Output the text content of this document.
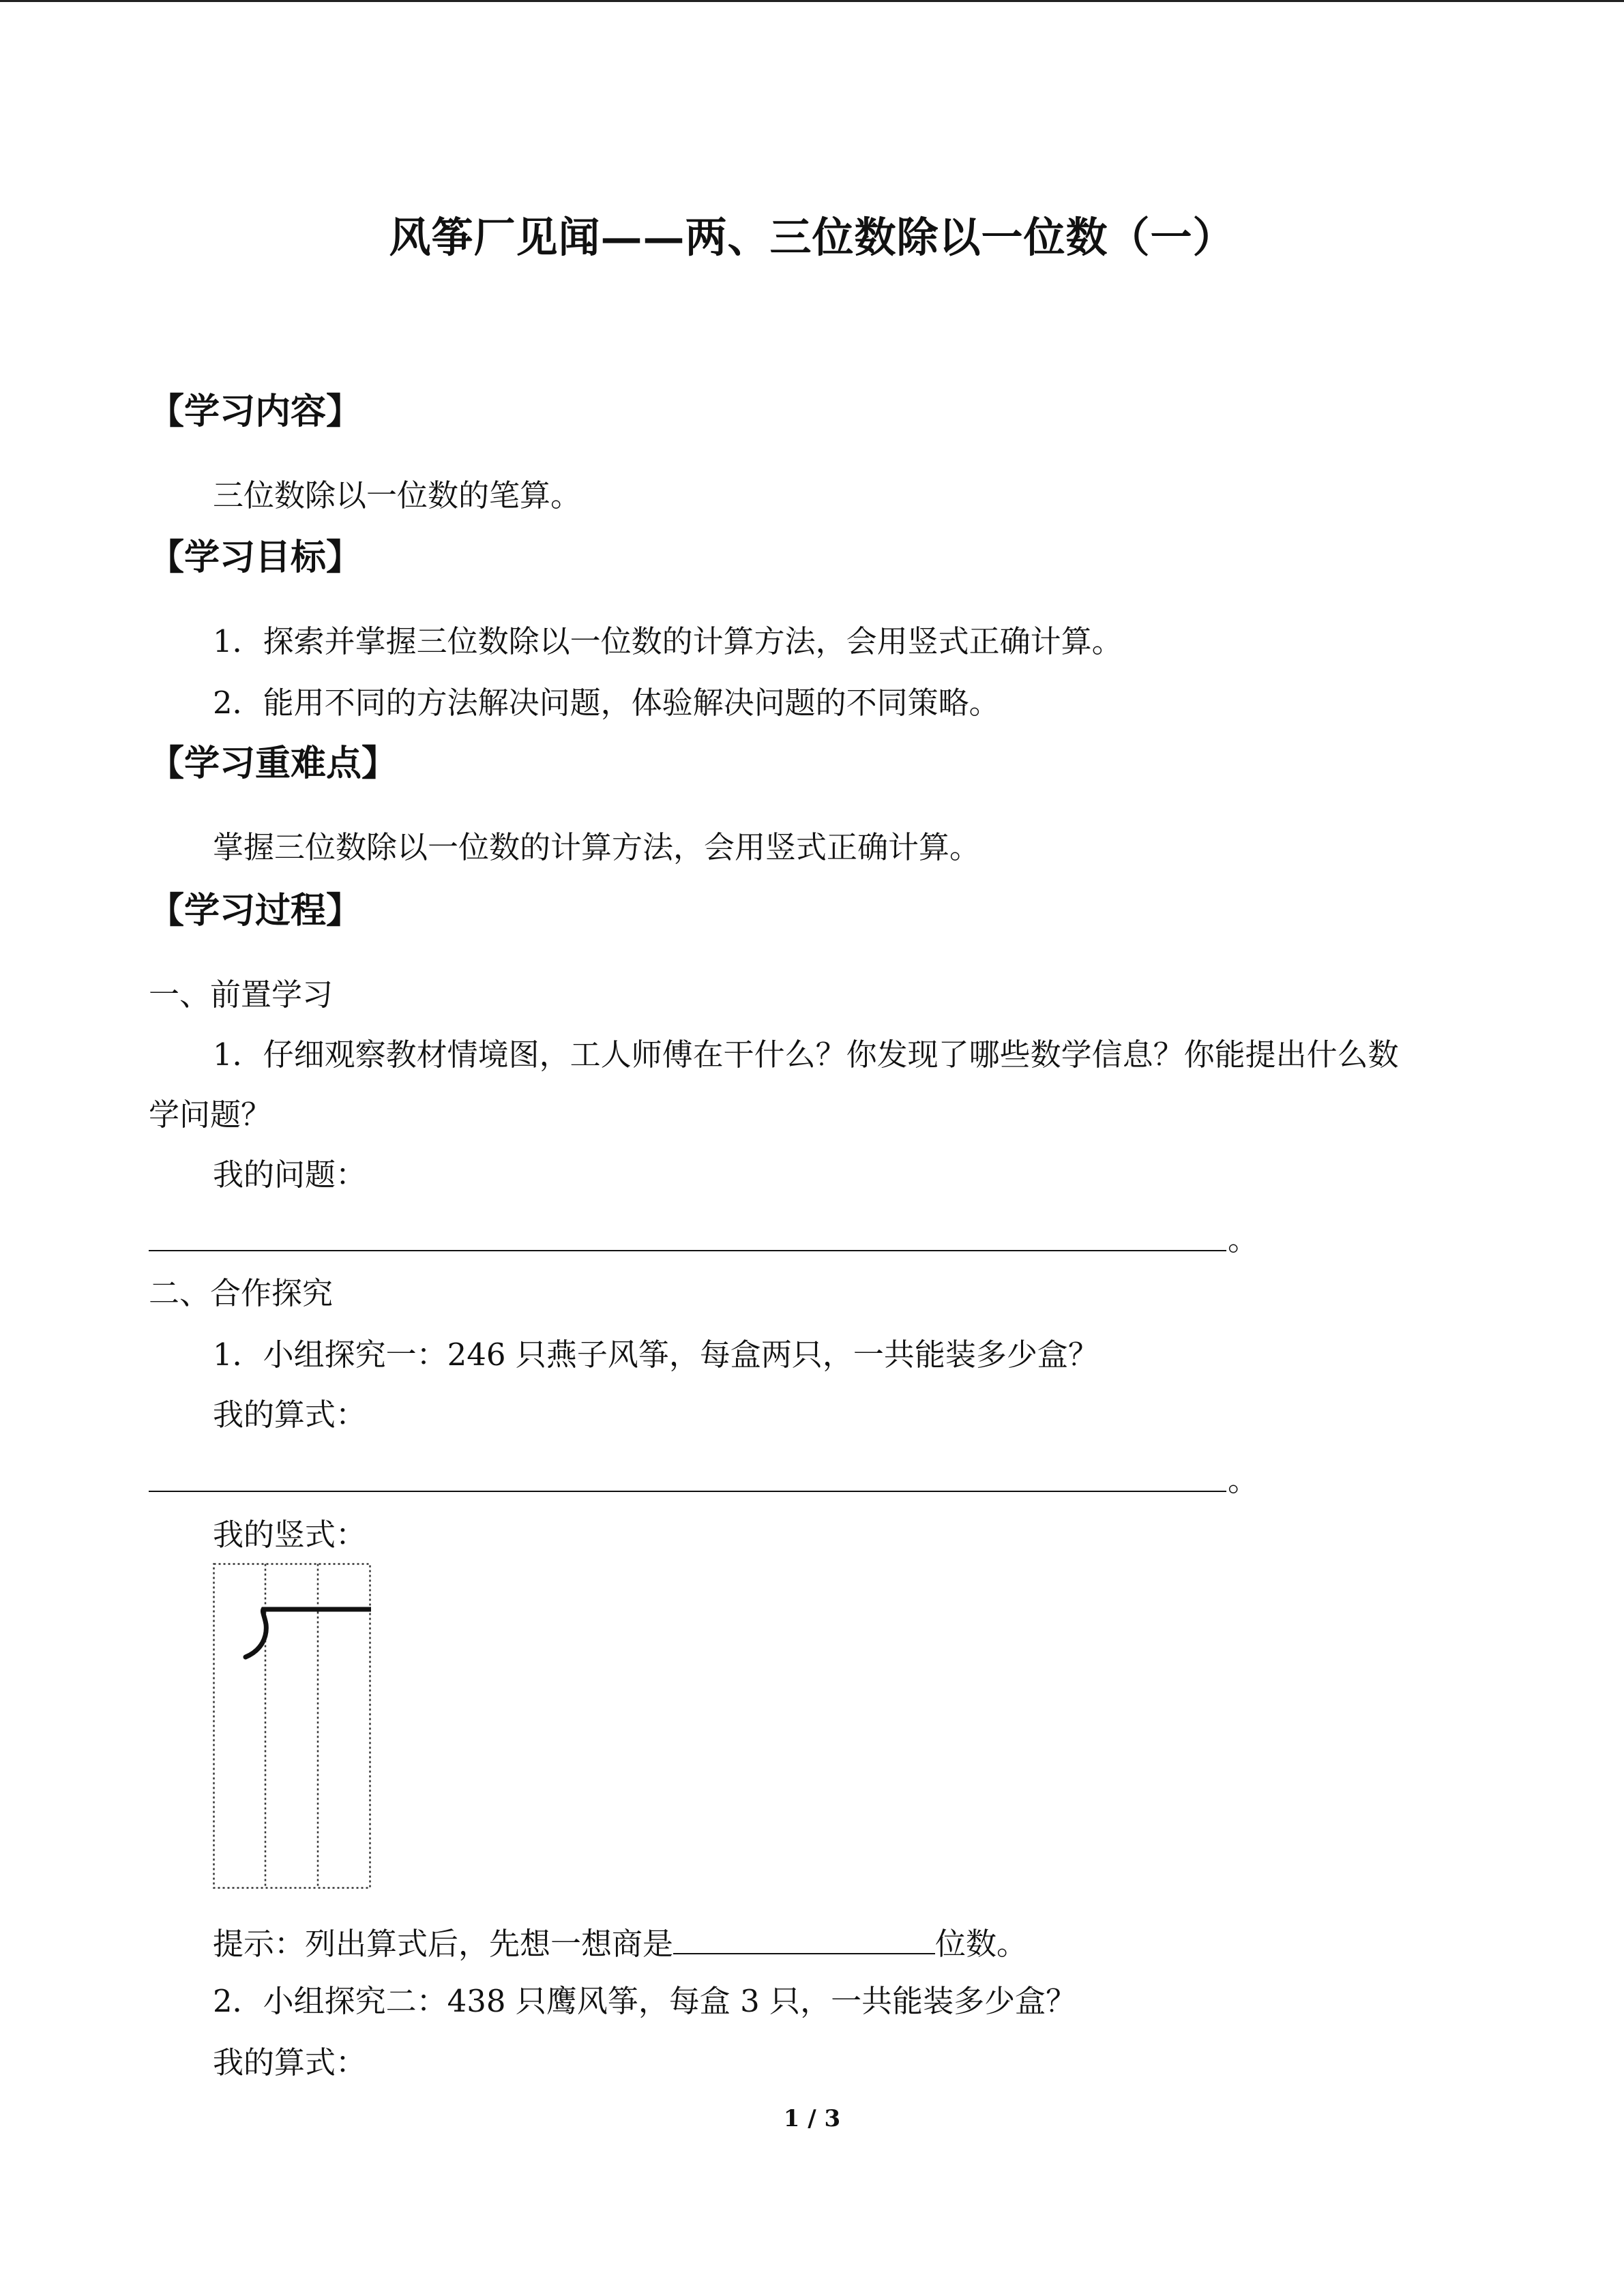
风筝厂见闻——两、三位数除以一位数（一）
【学习内容】
三位数除以一位数的笔算。
【学习目标】
1．探索并掌握三位数除以一位数的计算方法，会用竖式正确计算。
2．能用不同的方法解决问题，体验解决问题的不同策略。
【学习重难点】
掌握三位数除以一位数的计算方法，会用竖式正确计算。
【学习过程】
一、前置学习
1．仔细观察教材情境图，工人师傅在干什么？你发现了哪些数学信息？你能提出什么数
学问题？
我的问题：
。
二、合作探究
1．小组探究一：246 只燕子风筝，每盒两只，一共能装多少盒？
我的算式：
。
我的竖式：
提示：列出算式后，先想一想商是	位数。
2．小组探究二：438 只鹰风筝，每盒 3 只，一共能装多少盒？
我的算式：
1 / 3
